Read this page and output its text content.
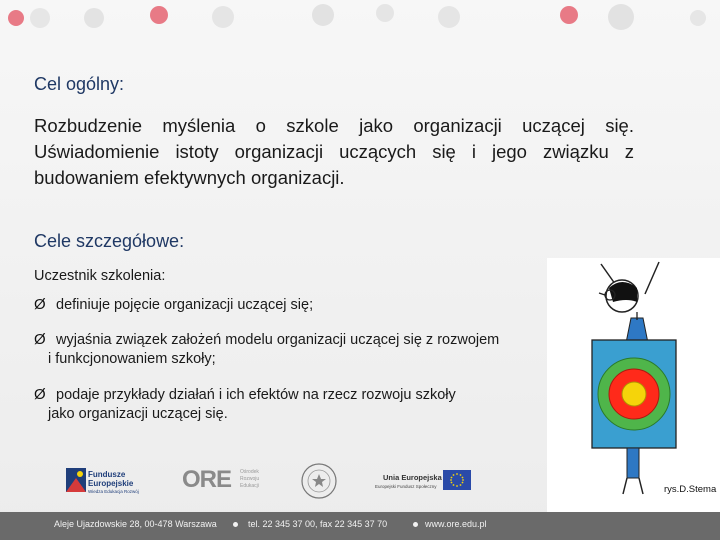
Cel ogólny:
Rozbudzenie myślenia o szkole jako organizacji uczącej się. Uświadomienie istoty organizacji uczących się i jego związku z budowaniem efektywnych organizacji.
Cele szczegółowe:
Uczestnik szkolenia:
Ø definiuje pojęcie organizacji uczącej się;
Ø wyjaśnia związek założeń modelu organizacji uczącej się z rozwojem
i funkcjonowaniem szkoły;
Ø podaje przykłady działań i ich efektów na rzecz rozwoju szkoły
jako organizacji uczącej się.
rys.D.Stema
Fundusze Europejskie
Wiedza Edukacja Rozwój ORE Ośrodek
Rozwoju
Edukacji
Unia Europejska
Europejski Fundusz Społeczny
Aleje Ujazdowskie 28, 00-478 Warszawa	tel. 22 345 37 00, fax 22 345 37 70	www.ore.edu.pl
